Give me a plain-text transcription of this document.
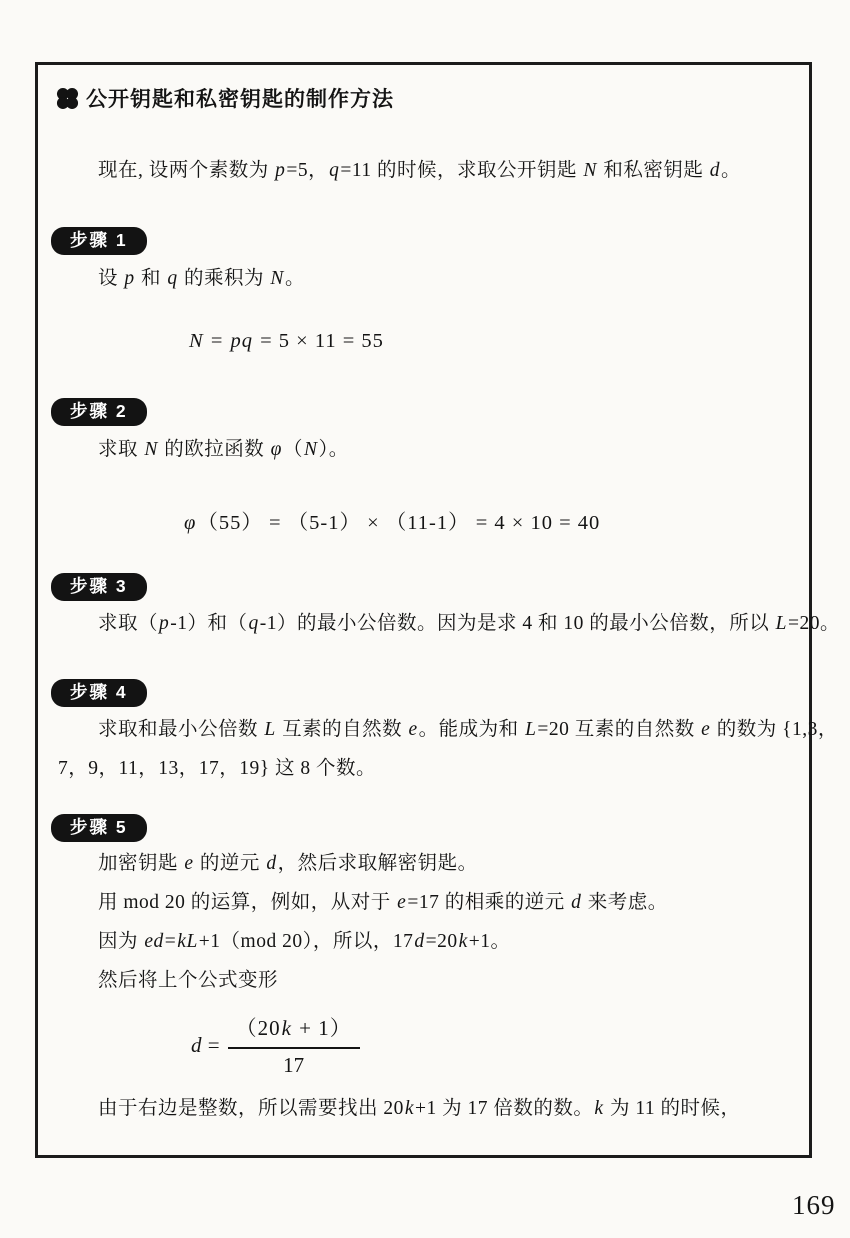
公开钥匙和私密钥匙的制作方法
现在, 设两个素数为 p=5，q=11 的时候，求取公开钥匙 N 和私密钥匙 d。
步骤 1
设 p 和 q 的乘积为 N。
N = pq = 5 × 11 = 55
步骤 2
求取 N 的欧拉函数 φ（N）。
φ（55） = （5-1） × （11-1） = 4 × 10 = 40
步骤 3
求取（p-1）和（q-1）的最小公倍数。因为是求 4 和 10 的最小公倍数，所以 L=20。
步骤 4
求取和最小公倍数 L 互素的自然数 e。能成为和 L=20 互素的自然数 e 的数为 {1,3，
7，9，11，13，17，19} 这 8 个数。
步骤 5
加密钥匙 e 的逆元 d，然后求取解密钥匙。
用 mod 20 的运算，例如，从对于 e=17 的相乘的逆元 d 来考虑。
因为 ed=kL+1（mod 20），所以，17d=20k+1。
然后将上个公式变形
$d = \frac{(20k + 1)}{17}$
由于右边是整数，所以需要找出 20k+1 为 17 倍数的数。k 为 11 的时候，
169
